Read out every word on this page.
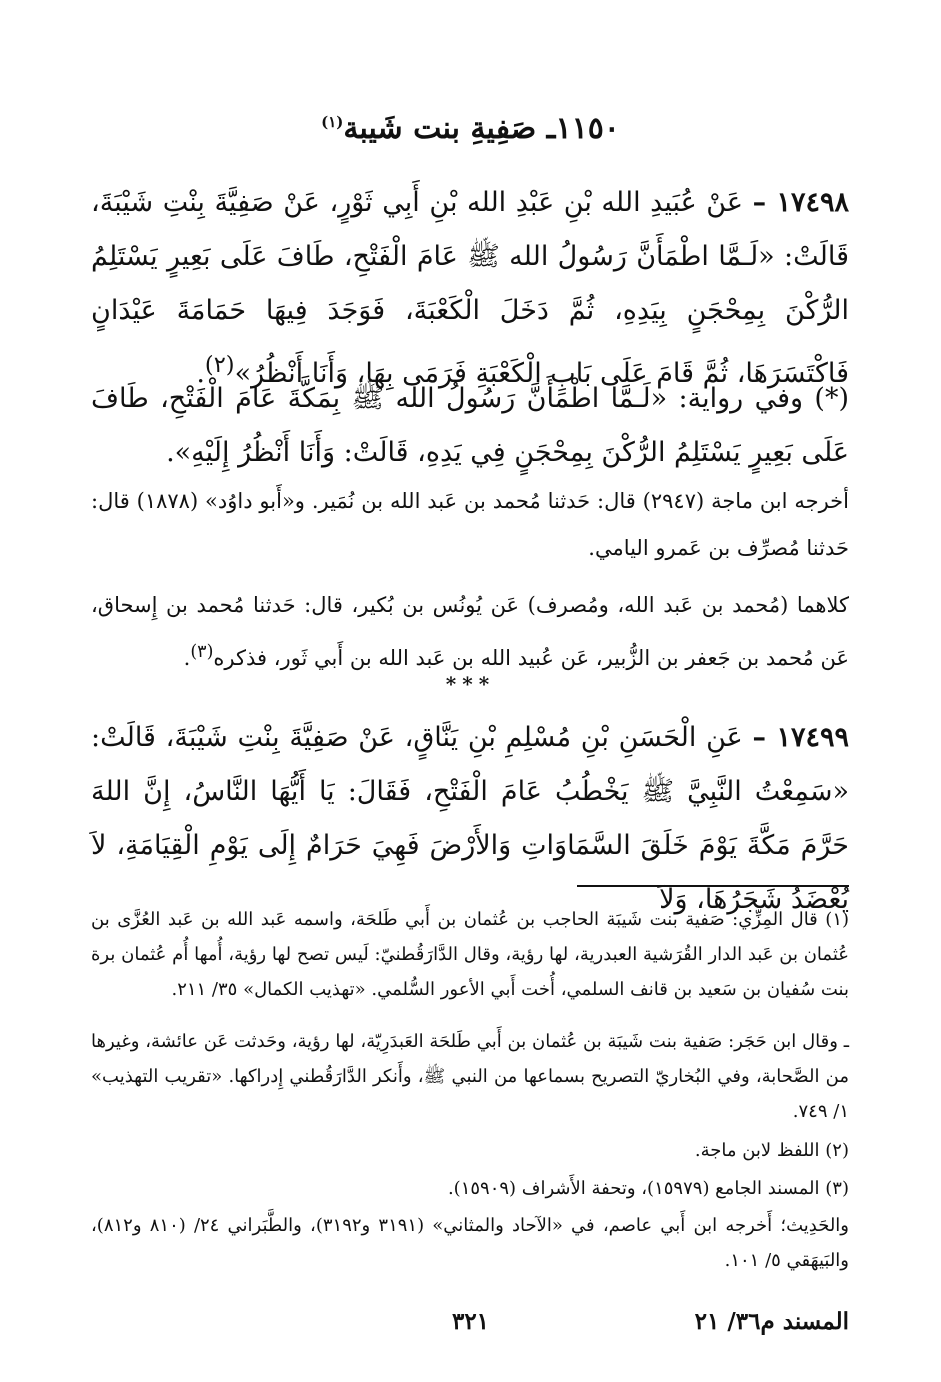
١١٥٠ـ صَفِيةِ بنت شَيبة$^{(١)}$
١٧٤٩٨ – عَنْ عُبَيدِ الله بْنِ عَبْدِ الله بْنِ أَبِي ثَوْرٍ، عَنْ صَفِيَّةَ بِنْتِ شَيْبَةَ، قَالَتْ: «لَـمَّا اطْمَأَنَّ رَسُولُ الله ﷺ عَامَ الْفَتْحِ، طَافَ عَلَى بَعِيرٍ يَسْتَلِمُ الرُّكْنَ بِمِحْجَنٍ بِيَدِهِ، ثُمَّ دَخَلَ الْكَعْبَةَ، فَوَجَدَ فِيهَا حَمَامَةَ عَيْدَانٍ فَاكْتَسَرَهَا، ثُمَّ قَامَ عَلَى بَابِ الْكَعْبَةِ فَرَمَى بِهَا، وَأَنَا أَنْظُرُ»$^{(٢)}$.
(*) وفي رواية: «لَـمَّا اطْمَأَنَّ رَسُولُ الله ﷺ بِمَكَّةَ عَامَ الْفَتْحِ، طَافَ عَلَى بَعِيرٍ يَسْتَلِمُ الرُّكْنَ بِمِحْجَنٍ فِي يَدِهِ، قَالَتْ: وَأَنَا أَنْظُرُ إِلَيْهِ».
أخرجه ابن ماجة (٢٩٤٧) قال: حَدثنا مُحمد بن عَبد الله بن نُمَير. و«أَبو داوُد» (١٨٧٨) قال: حَدثنا مُصرِّف بن عَمرو اليامي.
كلاهما (مُحمد بن عَبد الله، ومُصرف) عَن يُونُس بن بُكير، قال: حَدثنا مُحمد بن إِسحاق، عَن مُحمد بن جَعفر بن الزُّبير، عَن عُبيد الله بن عَبد الله بن أَبي ثَور، فذكره$^{(٣)}$.
***
١٧٤٩٩ – عَنِ الْحَسَنِ بْنِ مُسْلِمِ بْنِ يَنَّاقٍ، عَنْ صَفِيَّةَ بِنْتِ شَيْبَةَ، قَالَتْ: «سَمِعْتُ النَّبِيَّ ﷺ يَخْطُبُ عَامَ الْفَتْحِ، فَقَالَ: يَا أَيُّهَا النَّاسُ، إِنَّ اللهَ حَرَّمَ مَكَّةَ يَوْمَ خَلَقَ السَّمَاوَاتِ وَالأَرْضَ فَهِيَ حَرَامٌ إِلَى يَوْمِ الْقِيَامَةِ، لاَ يُعْضَدُ شَجَرُهَا، وَلاَ
(١) قال المِزِّي: صَفية بنت شَيبَة الحاجب بن عُثمان بن أَبي طَلحَة، واسمه عَبد الله بن عَبد العُزَّى بن عُثمان بن عَبد الدار القُرَشية العبدرية، لها رؤية، وقال الدَّارَقُطنيّ: لَيس تصح لها رؤية، أُمها أُم عُثمان برة بنت سُفيان بن سَعيد بن قانف السلمي، أُخت أَبي الأعور السُّلمي. «تهذيب الكمال» ٣٥/ ٢١١.
ـ وقال ابن حَجَر: صَفية بنت شَيبَة بن عُثمان بن أَبي طَلحَة العَبدَرِيّة، لها رؤية، وحَدثت عَن عائشة، وغيرها من الصَّحابة، وفي البُخاريّ التصريح بسماعها من النبي ﷺ، وأَنكر الدَّارَقُطني إِدراكها. «تقريب التهذيب» ١/ ٧٤٩.
(٢) اللفظ لابن ماجة.
(٣) المسند الجامع (١٥٩٧٩)، وتحفة الأَشراف (١٥٩٠٩).
والحَدِيث؛ أَخرجه ابن أَبي عاصم، في «الآحاد والمثاني» (٣١٩١ و٣١٩٢)، والطَّبَراني ٢٤/ (٨١٠ و٨١٢)، والبَيهَقي ٥/ ١٠١.
٣٢١	المسند م٣٦/ ٢١
